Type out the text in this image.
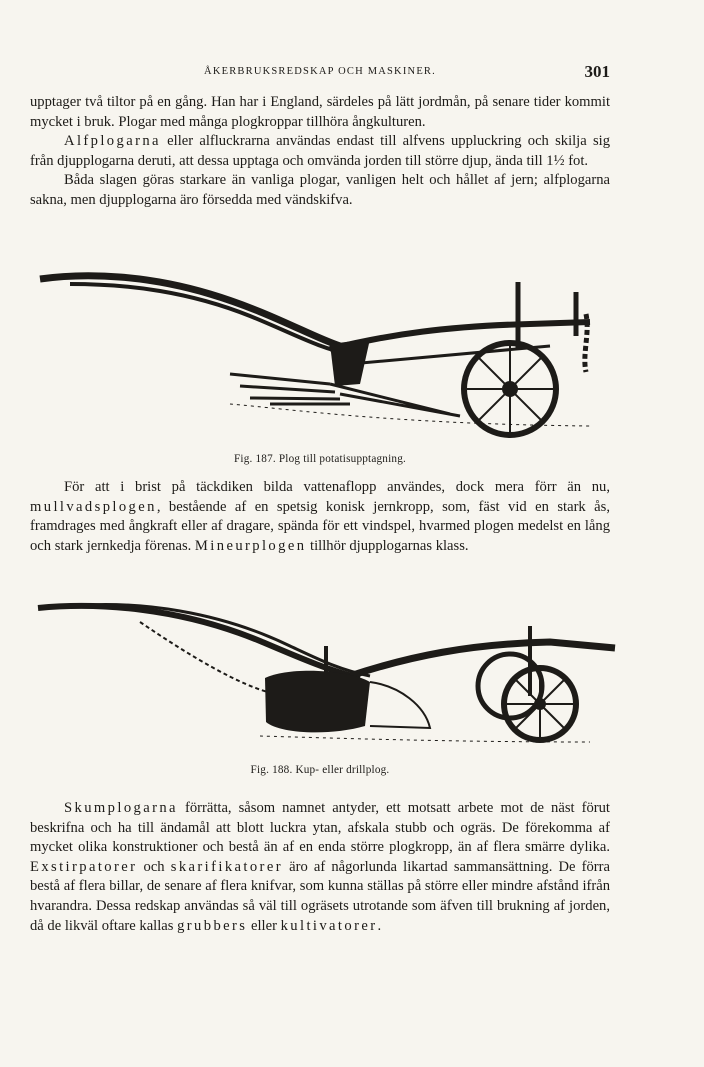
ÅKERBRUKSREDSKAP OCH MASKINER.	301

upptager två tiltor på en gång. Han har i England, särdeles på lätt jordmån, på senare tider kommit mycket i bruk. Plogar med många plogkroppar tillhöra ångkulturen.

Alfplogarna eller alfluckrarna användas endast till alfvens uppluckring och skilja sig från djupplogarna deruti, att dessa upptaga och omvända jorden till större djup, ända till 1½ fot.

Båda slagen göras starkare än vanliga plogar, vanligen helt och hållet af jern; alfplogarna sakna, men djupplogarna äro försedda med vändskifva.

Fig. 187. Plog till potatisupptagning.

För att i brist på täckdiken bilda vattenaflopp användes, dock mera förr än nu, mullvadsplogen, bestående af en spetsig konisk jernkropp, som, fäst vid en stark ås, framdrages med ångkraft eller af dragare, spända för ett vindspel, hvarmed plogen medelst en lång och stark jernkedja förenas. Mineurplogen tillhör djupplogarnas klass.

Fig. 188. Kup- eller drillplog.

Skumplogarna förrätta, såsom namnet antyder, ett motsatt arbete mot de näst förut beskrifna och ha till ändamål att blott luckra ytan, afskala stubb och ogräs. De förekomma af mycket olika konstruktioner och bestå än af en enda större plogkropp, än af flera smärre dylika. Exstirpatorer och skarifikatorer äro af någorlunda likartad sammansättning. De förra bestå af flera billar, de senare af flera knifvar, som kunna ställas på större eller mindre afstånd ifrån hvarandra. Dessa redskap användas så väl till ogräsets utrotande som äfven till brukning af jorden, då de likväl oftare kallas grubbers eller kultivatorer.
